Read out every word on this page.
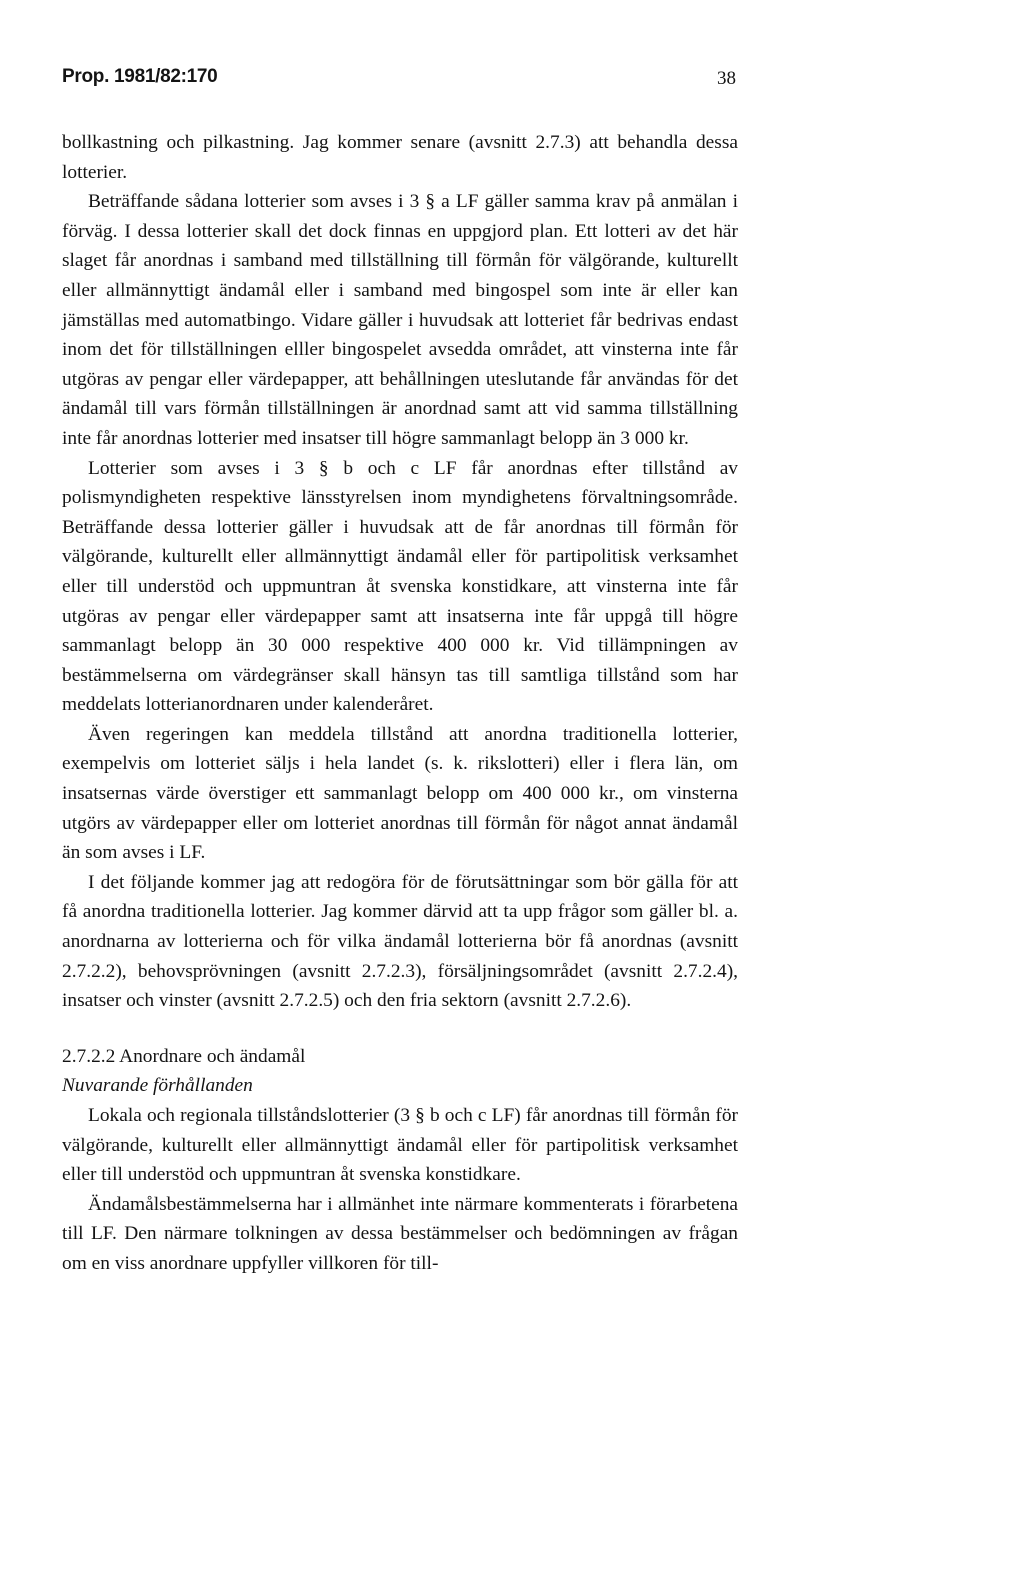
Prop. 1981/82:170	38

bollkastning och pilkastning. Jag kommer senare (avsnitt 2.7.3) att behandla dessa lotterier.

Beträffande sådana lotterier som avses i 3 § a LF gäller samma krav på anmälan i förväg. I dessa lotterier skall det dock finnas en uppgjord plan. Ett lotteri av det här slaget får anordnas i samband med tillställning till förmån för välgörande, kulturellt eller allmännyttigt ändamål eller i samband med bingospel som inte är eller kan jämställas med automatbingo. Vidare gäller i huvudsak att lotteriet får bedrivas endast inom det för tillställningen elller bingospelet avsedda området, att vinsterna inte får utgöras av pengar eller värdepapper, att behållningen uteslutande får användas för det ändamål till vars förmån tillställningen är anordnad samt att vid samma tillställning inte får anordnas lotterier med insatser till högre sammanlagt belopp än 3 000 kr.

Lotterier som avses i 3 § b och c LF får anordnas efter tillstånd av polismyndigheten respektive länsstyrelsen inom myndighetens förvaltningsområde. Beträffande dessa lotterier gäller i huvudsak att de får anordnas till förmån för välgörande, kulturellt eller allmännyttigt ändamål eller för partipolitisk verksamhet eller till understöd och uppmuntran åt svenska konstidkare, att vinsterna inte får utgöras av pengar eller värdepapper samt att insatserna inte får uppgå till högre sammanlagt belopp än 30 000 respektive 400 000 kr. Vid tillämpningen av bestämmelserna om värdegränser skall hänsyn tas till samtliga tillstånd som har meddelats lotterianordnaren under kalenderåret.

Även regeringen kan meddela tillstånd att anordna traditionella lotterier, exempelvis om lotteriet säljs i hela landet (s. k. rikslotteri) eller i flera län, om insatsernas värde överstiger ett sammanlagt belopp om 400 000 kr., om vinsterna utgörs av värdepapper eller om lotteriet anordnas till förmån för något annat ändamål än som avses i LF.

I det följande kommer jag att redogöra för de förutsättningar som bör gälla för att få anordna traditionella lotterier. Jag kommer därvid att ta upp frågor som gäller bl. a. anordnarna av lotterierna och för vilka ändamål lotterierna bör få anordnas (avsnitt 2.7.2.2), behovsprövningen (avsnitt 2.7.2.3), försäljningsområdet (avsnitt 2.7.2.4), insatser och vinster (avsnitt 2.7.2.5) och den fria sektorn (avsnitt 2.7.2.6).

2.7.2.2 Anordnare och ändamål

Nuvarande förhållanden

Lokala och regionala tillståndslotterier (3 § b och c LF) får anordnas till förmån för välgörande, kulturellt eller allmännyttigt ändamål eller för partipolitisk verksamhet eller till understöd och uppmuntran åt svenska konstidkare.

Ändamålsbestämmelserna har i allmänhet inte närmare kommenterats i förarbetena till LF. Den närmare tolkningen av dessa bestämmelser och bedömningen av frågan om en viss anordnare uppfyller villkoren för till-
